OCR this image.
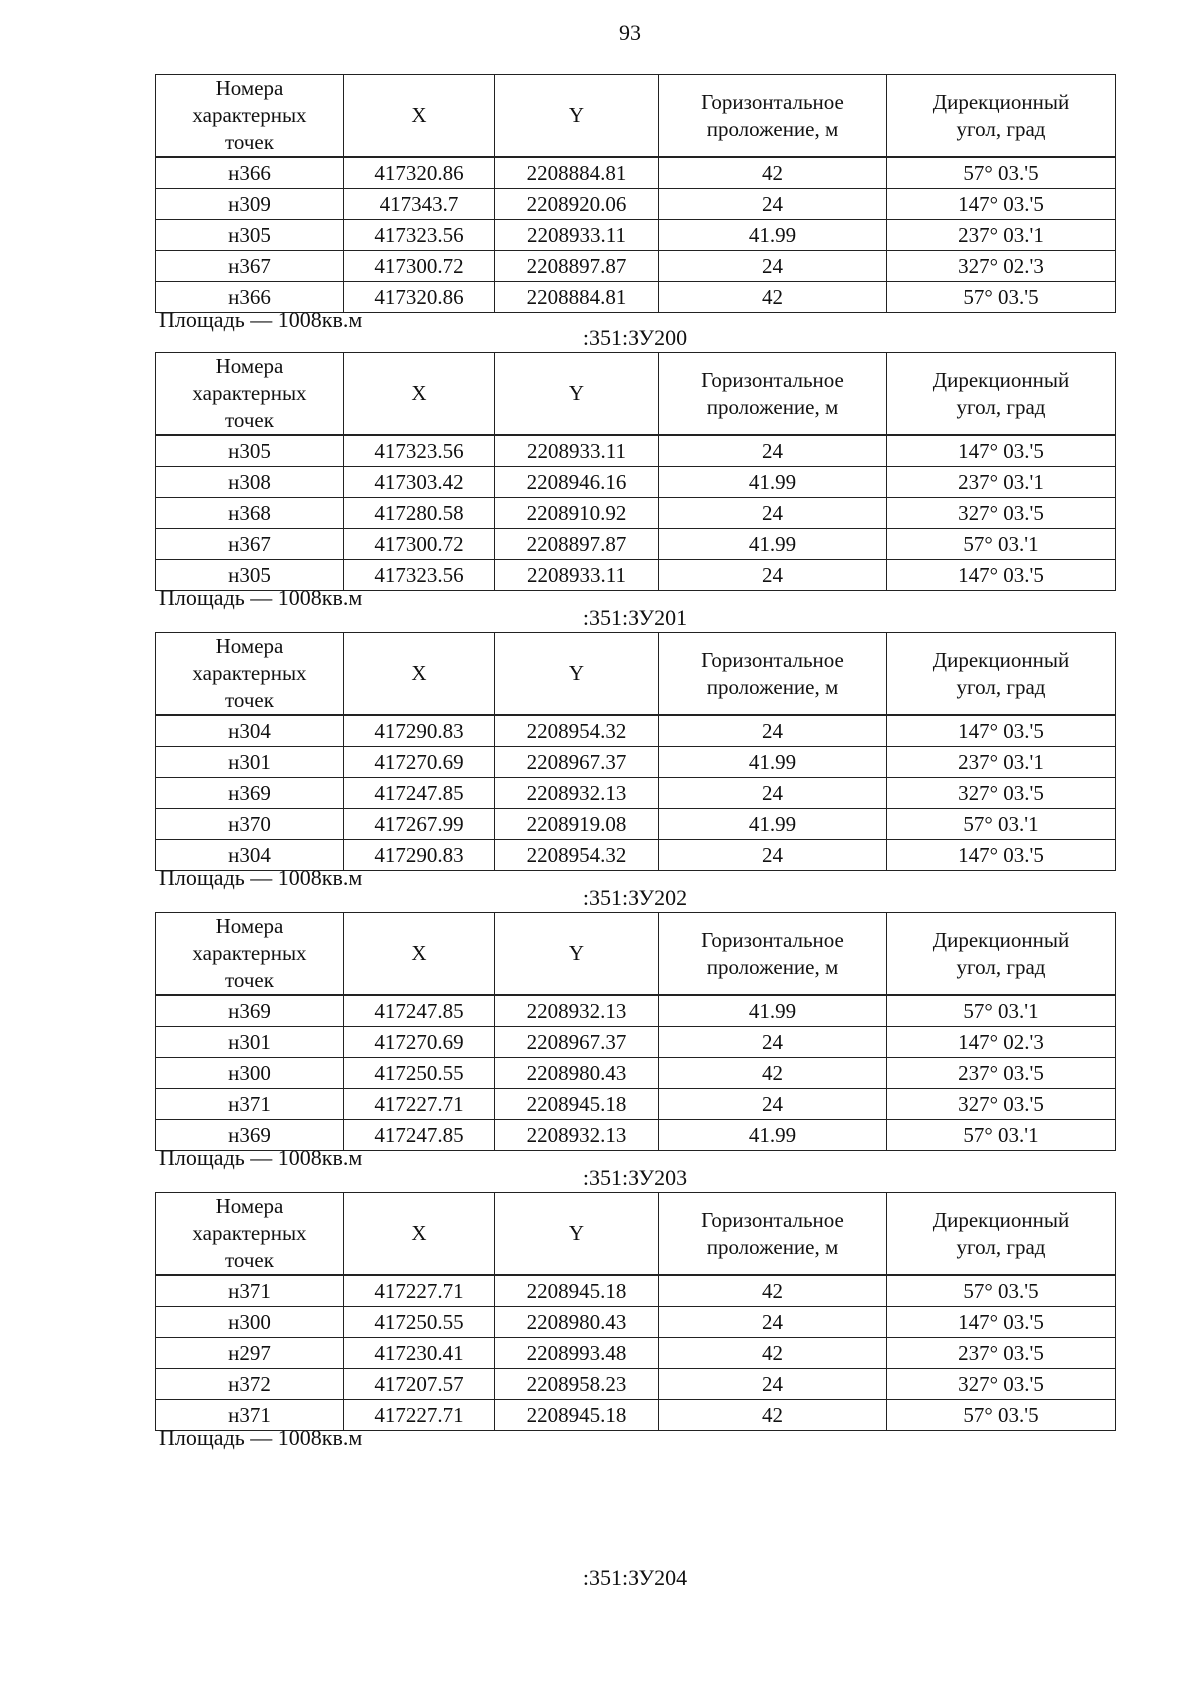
93
Номера характерных точек	X	Y	Горизонтальное проложение, м	Дирекционный угол, град
н366	417320.86	2208884.81	42	57° 03.'5
н309	417343.7	2208920.06	24	147° 03.'5
н305	417323.56	2208933.11	41.99	237° 03.'1
н367	417300.72	2208897.87	24	327° 02.'3
н366	417320.86	2208884.81	42	57° 03.'5
Площадь — 1008кв.м
:351:ЗУ200
Номера характерных точек	X	Y	Горизонтальное проложение, м	Дирекционный угол, град
н305	417323.56	2208933.11	24	147° 03.'5
н308	417303.42	2208946.16	41.99	237° 03.'1
н368	417280.58	2208910.92	24	327° 03.'5
н367	417300.72	2208897.87	41.99	57° 03.'1
н305	417323.56	2208933.11	24	147° 03.'5
Площадь — 1008кв.м
:351:ЗУ201
Номера характерных точек	X	Y	Горизонтальное проложение, м	Дирекционный угол, град
н304	417290.83	2208954.32	24	147° 03.'5
н301	417270.69	2208967.37	41.99	237° 03.'1
н369	417247.85	2208932.13	24	327° 03.'5
н370	417267.99	2208919.08	41.99	57° 03.'1
н304	417290.83	2208954.32	24	147° 03.'5
Площадь — 1008кв.м
:351:ЗУ202
Номера характерных точек	X	Y	Горизонтальное проложение, м	Дирекционный угол, град
н369	417247.85	2208932.13	41.99	57° 03.'1
н301	417270.69	2208967.37	24	147° 02.'3
н300	417250.55	2208980.43	42	237° 03.'5
н371	417227.71	2208945.18	24	327° 03.'5
н369	417247.85	2208932.13	41.99	57° 03.'1
Площадь — 1008кв.м
:351:ЗУ203
Номера характерных точек	X	Y	Горизонтальное проложение, м	Дирекционный угол, град
н371	417227.71	2208945.18	42	57° 03.'5
н300	417250.55	2208980.43	24	147° 03.'5
н297	417230.41	2208993.48	42	237° 03.'5
н372	417207.57	2208958.23	24	327° 03.'5
н371	417227.71	2208945.18	42	57° 03.'5
Площадь — 1008кв.м
:351:ЗУ204
